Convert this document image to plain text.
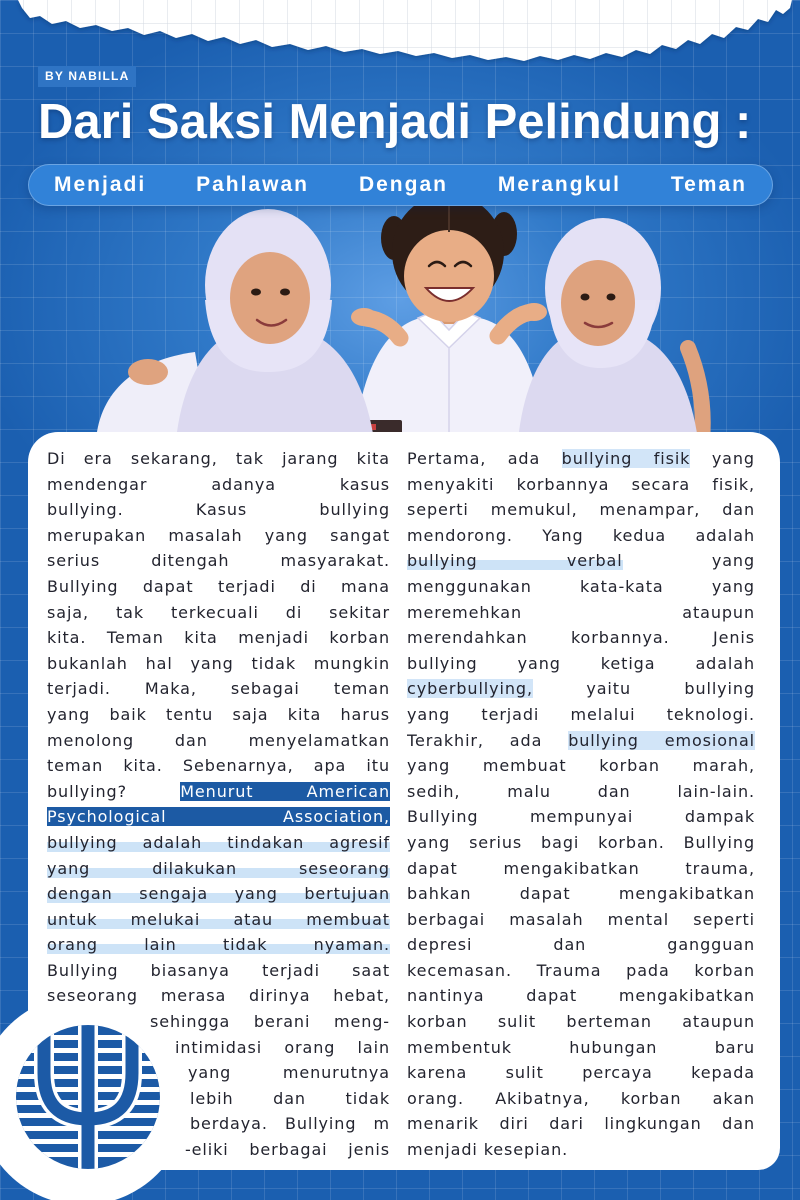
BY NABILLA
Dari Saksi Menjadi Pelindung :
Menjadi Pahlawan Dengan Merangkul Teman
Di era sekarang, tak jarang kita
mendengar adanya kasus
bullying. Kasus bullying
merupakan masalah yang sangat
serius ditengah masyarakat.
Bullying dapat terjadi di mana
saja, tak terkecuali di sekitar
kita. Teman kita menjadi korban
bukanlah hal yang tidak mungkin
terjadi. Maka, sebagai teman
yang baik tentu saja kita harus
menolong dan menyelamatkan
teman kita. Sebenarnya, apa itu
bullying?	Menurut American
Psychological Association,
bullying adalah tindakan agresif
yang dilakukan seseorang
dengan sengaja yang bertujuan
untuk melukai atau membuat
orang lain tidak nyaman.
Bullying biasanya terjadi saat
seseorang merasa dirinya hebat,
sehingga berani meng-
intimidasi orang lain
yang menurutnya
lebih dan tidak
berdaya. Bullying m
-eliki berbagai jenis
Pertama, ada bullying fisik yang
menyakiti korbannya secara fisik,
seperti memukul, menampar, dan
mendorong. Yang kedua adalah
bullying verbal	yang
menggunakan kata-kata yang
meremehkan ataupun
merendahkan korbannya. Jenis
bullying yang ketiga adalah
cyberbullying,	yaitu bullying
yang terjadi melalui teknologi.
Terakhir, ada bullying emosional
yang membuat korban marah,
sedih, malu dan lain-lain.
Bullying mempunyai dampak
yang serius bagi korban. Bullying
dapat mengakibatkan trauma,
bahkan dapat mengakibatkan
berbagai masalah mental seperti
depresi dan gangguan
kecemasan. Trauma pada korban
nantinya dapat mengakibatkan
korban sulit berteman ataupun
membentuk hubungan baru
karena sulit percaya kepada
orang. Akibatnya, korban akan
menarik diri dari lingkungan dan
menjadi kesepian.
